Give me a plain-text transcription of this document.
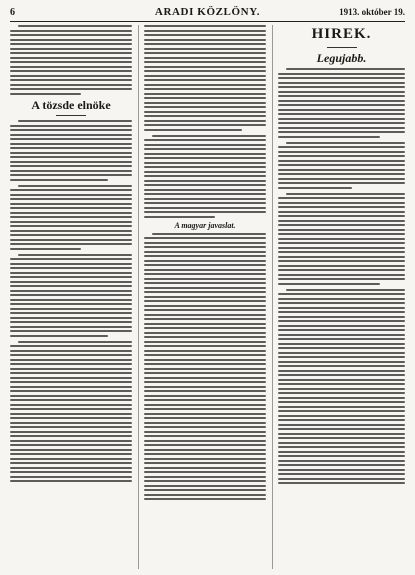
6	ARADI KÖZLÖNY.	1913. október 19.
A tözsde elnöke
A magyar javaslat.
HIREK.
Legujabb.
